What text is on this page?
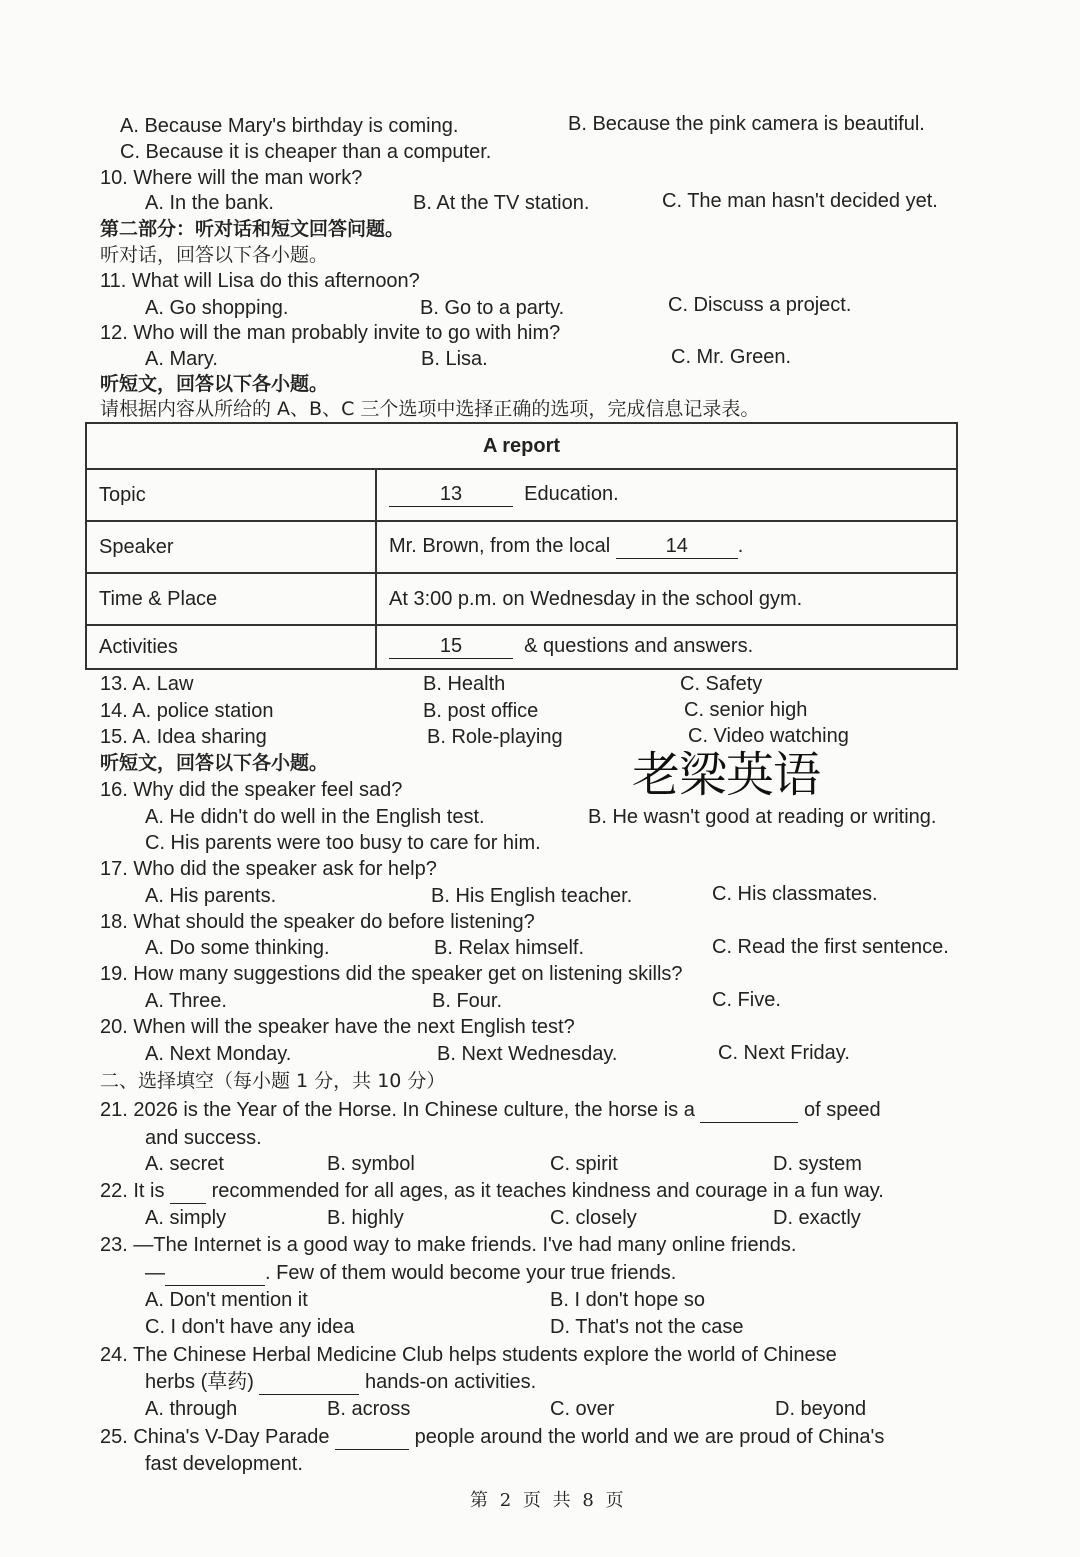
A. Because Mary's birthday is coming.	B. Because the pink camera is beautiful.
C. Because it is cheaper than a computer.
10. Where will the man work?
A. In the bank.	B. At the TV station.	C. The man hasn't decided yet.
第二部分：听对话和短文回答问题。
听对话，回答以下各小题。
11. What will Lisa do this afternoon?
A. Go shopping.	B. Go to a party.	C. Discuss a project.
12. Who will the man probably invite to go with him?
A. Mary.	B. Lisa.	C. Mr. Green.
听短文，回答以下各小题。
请根据内容从所给的 A、B、C 三个选项中选择正确的选项，完成信息记录表。
A report	
Topic	13 Education.
Speaker	Mr. Brown, from the local 14 .
Time & Place	At 3:00 p.m. on Wednesday in the school gym.
Activities	15 & questions and answers.
13. A. Law	B. Health	C. Safety
14. A. police station	B. post office	C. senior high
15. A. Idea sharing	B. Role-playing	C. Video watching
听短文，回答以下各小题。	老梁英语
16. Why did the speaker feel sad?
A. He didn't do well in the English test.	B. He wasn't good at reading or writing.
C. His parents were too busy to care for him.
17. Who did the speaker ask for help?
A. His parents.	B. His English teacher.	C. His classmates.
18. What should the speaker do before listening?
A. Do some thinking.	B. Relax himself.	C. Read the first sentence.
19. How many suggestions did the speaker get on listening skills?
A. Three.	B. Four.	C. Five.
20. When will the speaker have the next English test?
A. Next Monday.	B. Next Wednesday.	C. Next Friday.
二、选择填空（每小题 1 分，共 10 分）
21. 2026 is the Year of the Horse. In Chinese culture, the horse is a	of speed
and success.
A. secret	B. symbol	C. spirit	D. system
22. It is recommended for all ages, as it teaches kindness and courage in a fun way.
A. simply	B. highly	C. closely	D. exactly
23. —The Internet is a good way to make friends. I've had many online friends.
—	. Few of them would become your true friends.
A. Don't mention it	B. I don't hope so
C. I don't have any idea	D. That's not the case
24. The Chinese Herbal Medicine Club helps students explore the world of Chinese
herbs (草药)	hands-on activities.
A. through	B. across	C. over	D. beyond
25. China's V-Day Parade	people around the world and we are proud of China's
fast development.
第 2 页 共 8 页
